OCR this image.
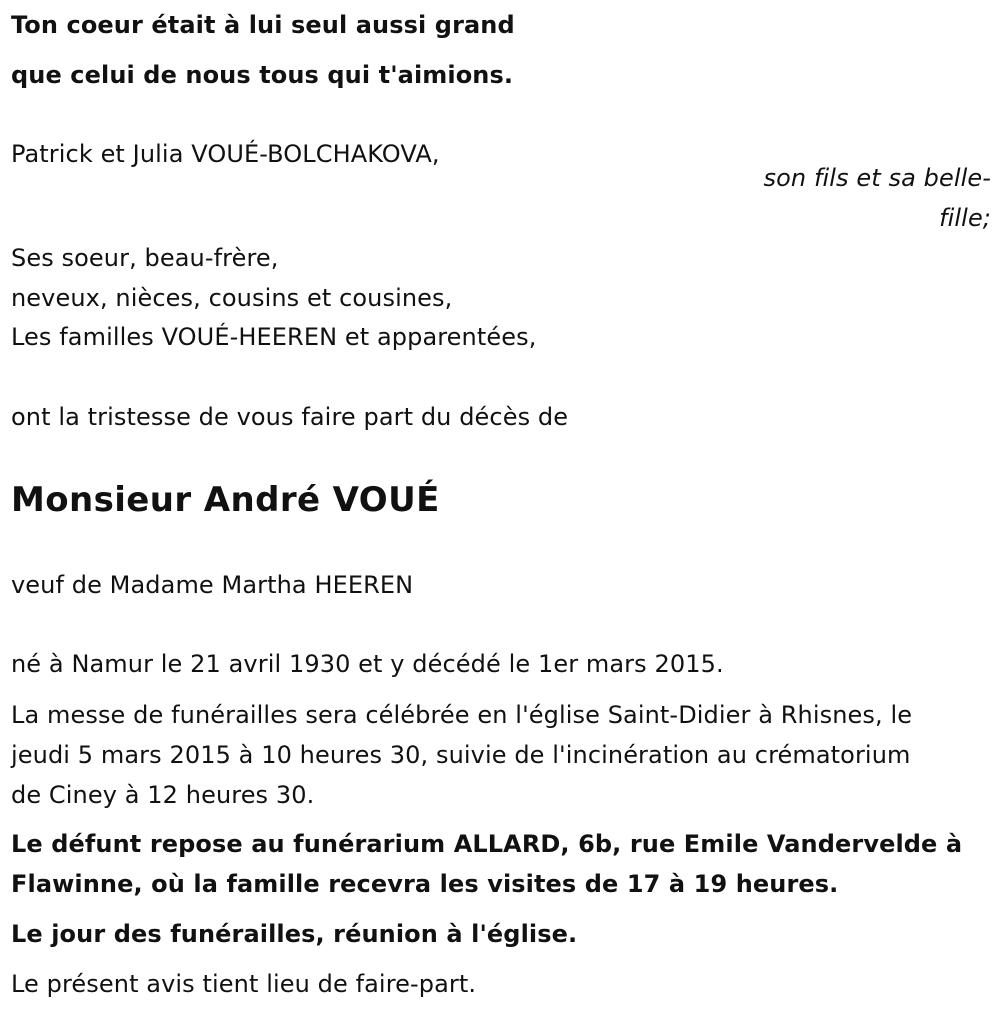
Ton coeur était à lui seul aussi grand
que celui de nous tous qui t'aimions.
Patrick et Julia VOUÉ-BOLCHAKOVA,
son fils et sa belle-
fille;
Ses soeur, beau-frère,
neveux, nièces, cousins et cousines,
Les familles VOUÉ-HEEREN et apparentées,
ont la tristesse de vous faire part du décès de
Monsieur André VOUÉ
veuf de Madame Martha HEEREN
né à Namur le 21 avril 1930 et y décédé le 1er mars 2015.
La messe de funérailles sera célébrée en l'église Saint-Didier à Rhisnes, le
jeudi 5 mars 2015 à 10 heures 30, suivie de l'incinération au crématorium
de Ciney à 12 heures 30.
Le défunt repose au funérarium ALLARD, 6b, rue Emile Vandervelde à
Flawinne, où la famille recevra les visites de 17 à 19 heures.
Le jour des funérailles, réunion à l'église.
Le présent avis tient lieu de faire-part.
